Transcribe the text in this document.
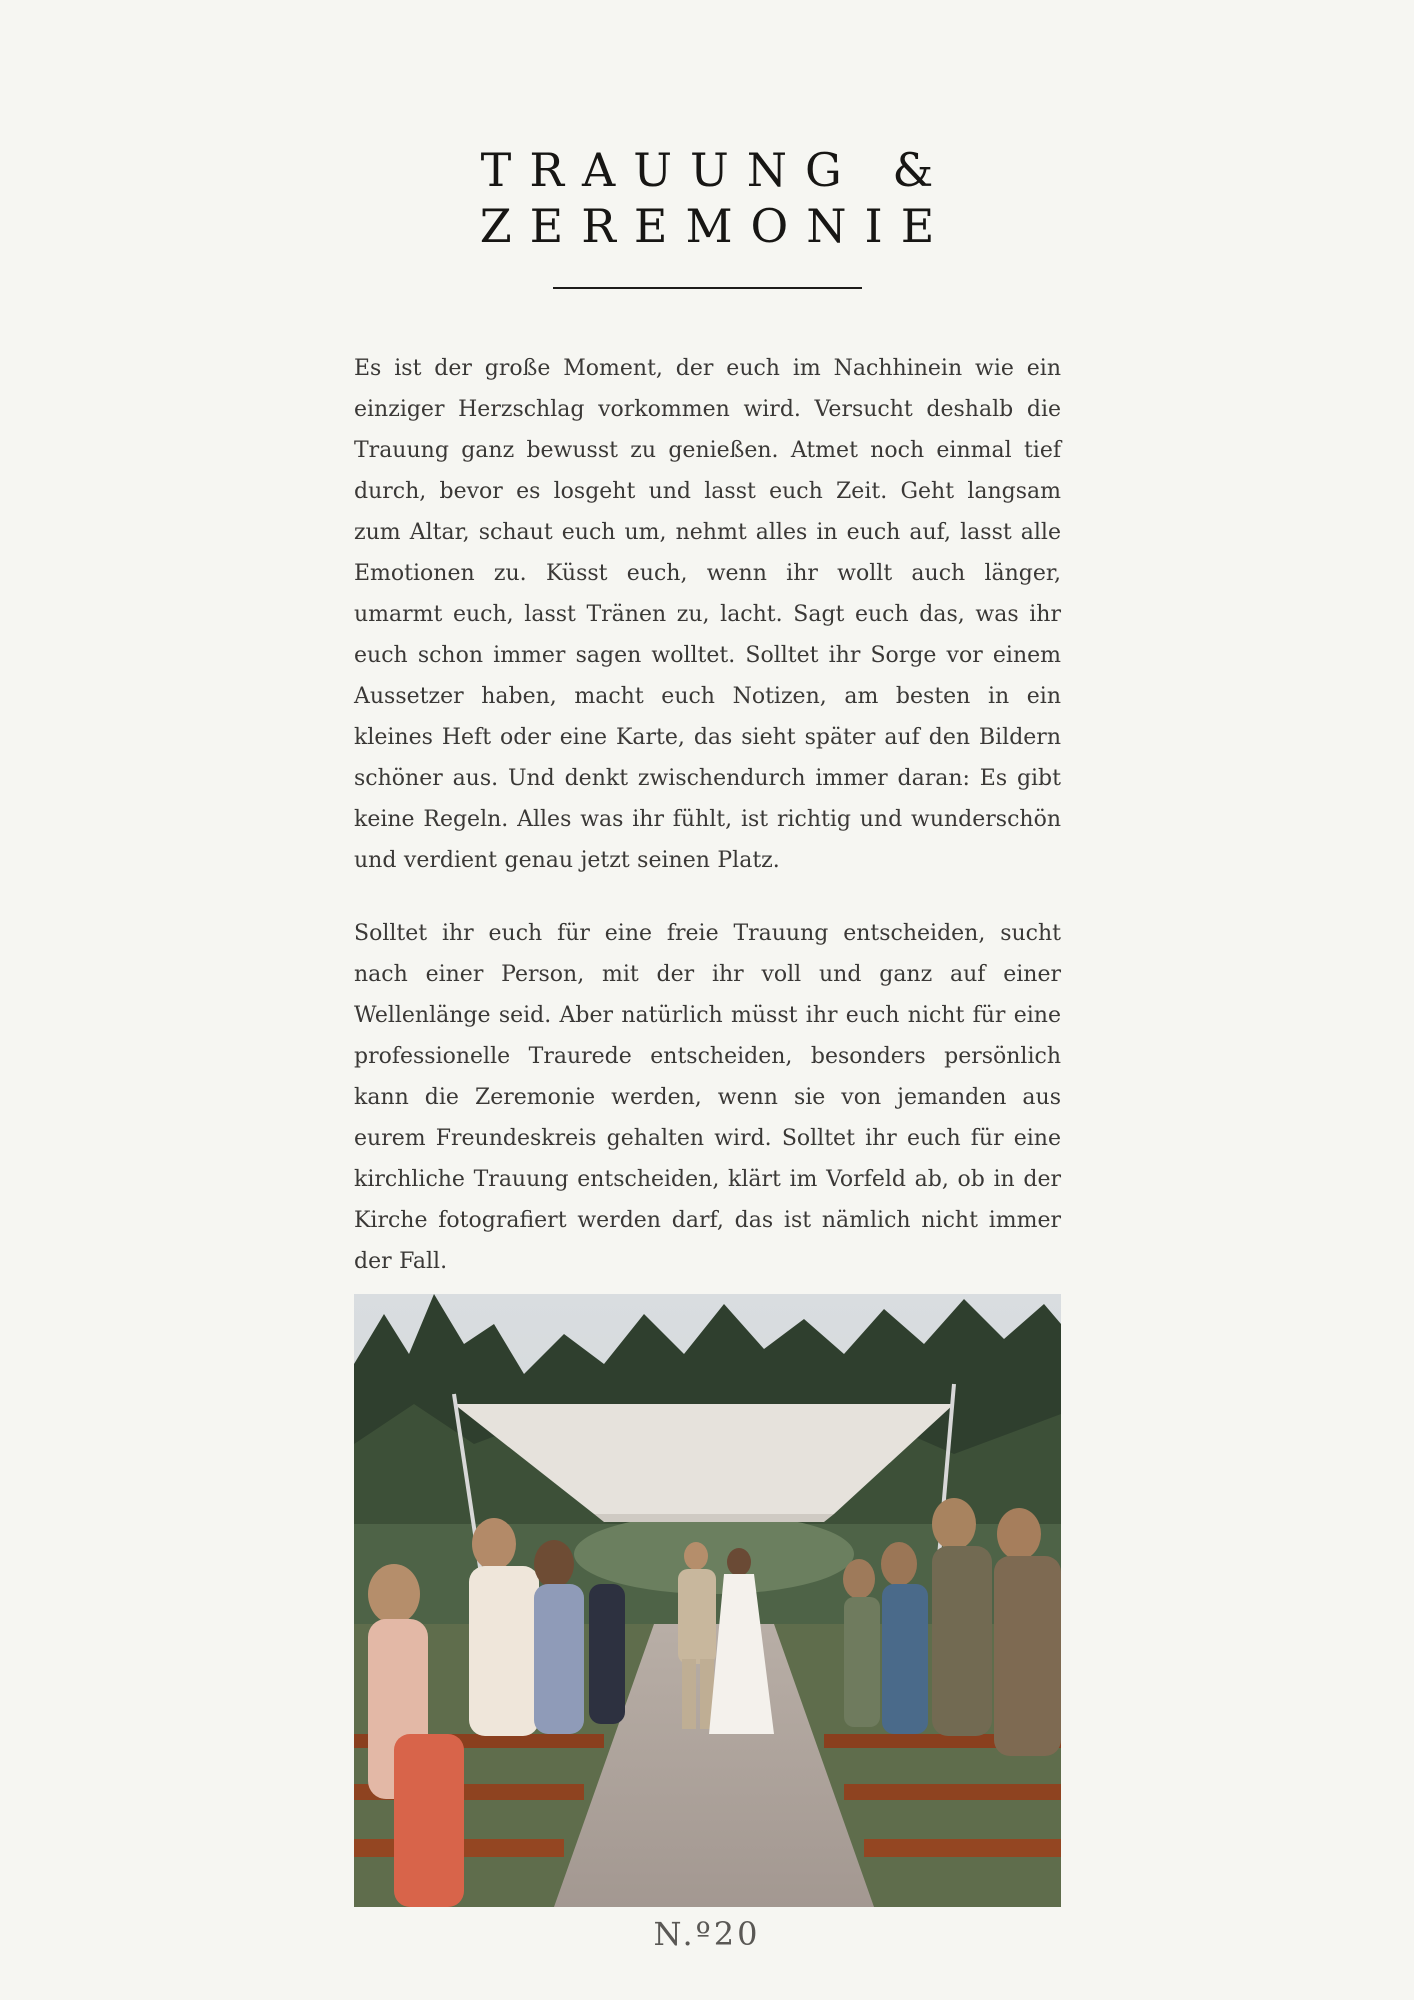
TRAUUNG &
ZEREMONIE

Es ist der große Moment, der euch im Nachhinein wie ein einziger Herzschlag vorkommen wird. Versucht deshalb die Trauung ganz bewusst zu genießen. Atmet noch einmal tief durch, bevor es losgeht und lasst euch Zeit. Geht langsam zum Altar, schaut euch um, nehmt alles in euch auf, lasst alle Emotionen zu. Küsst euch, wenn ihr wollt auch länger, umarmt euch, lasst Tränen zu, lacht. Sagt euch das, was ihr euch schon immer sagen wolltet. Solltet ihr Sorge vor einem Aussetzer haben, macht euch Notizen, am besten in ein kleines Heft oder eine Karte, das sieht später auf den Bildern schöner aus. Und denkt zwischendurch immer daran: Es gibt keine Regeln. Alles was ihr fühlt, ist richtig und wunderschön und verdient genau jetzt seinen Platz.

Solltet ihr euch für eine freie Trauung entscheiden, sucht nach einer Person, mit der ihr voll und ganz auf einer Wellenlänge seid. Aber natürlich müsst ihr euch nicht für eine professionelle Traurede entscheiden, besonders persönlich kann die Zeremonie werden, wenn sie von jemanden aus eurem Freundeskreis gehalten wird. Solltet ihr euch für eine kirchliche Trauung entscheiden, klärt im Vorfeld ab, ob in der Kirche fotografiert werden darf, das ist nämlich nicht immer der Fall.

N.º20
